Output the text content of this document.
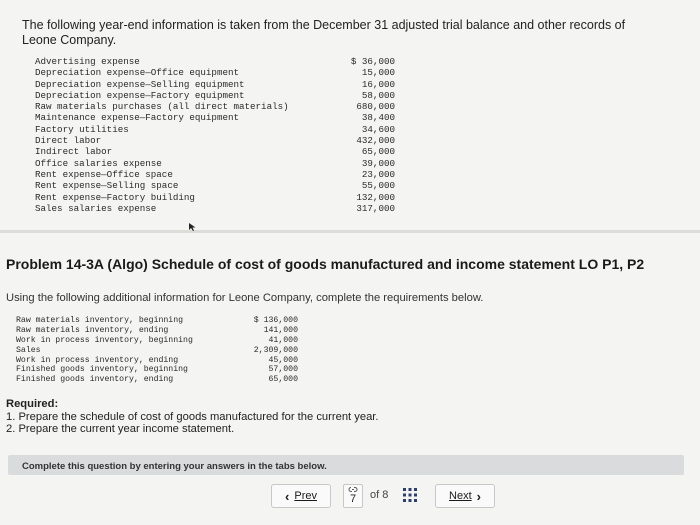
The following year-end information is taken from the December 31 adjusted trial balance and other records of Leone Company.
Advertising expense	$ 36,000
Depreciation expense—Office equipment	15,000
Depreciation expense—Selling equipment	16,000
Depreciation expense—Factory equipment	58,000
Raw materials purchases (all direct materials)	680,000
Maintenance expense—Factory equipment	38,400
Factory utilities	34,600
Direct labor	432,000
Indirect labor	65,000
Office salaries expense	39,000
Rent expense—Office space	23,000
Rent expense—Selling space	55,000
Rent expense—Factory building	132,000
Sales salaries expense	317,000
Problem 14-3A (Algo) Schedule of cost of goods manufactured and income statement LO P1, P2
Using the following additional information for Leone Company, complete the requirements below.
Raw materials inventory, beginning	$ 136,000
Raw materials inventory, ending	141,000
Work in process inventory, beginning	41,000
Sales	2,309,000
Work in process inventory, ending	45,000
Finished goods inventory, beginning	57,000
Finished goods inventory, ending	65,000
Required:
1. Prepare the schedule of cost of goods manufactured for the current year.
2. Prepare the current year income statement.
Complete this question by entering your answers in the tabs below.
‹ Prev	7 of 8	Next ›
